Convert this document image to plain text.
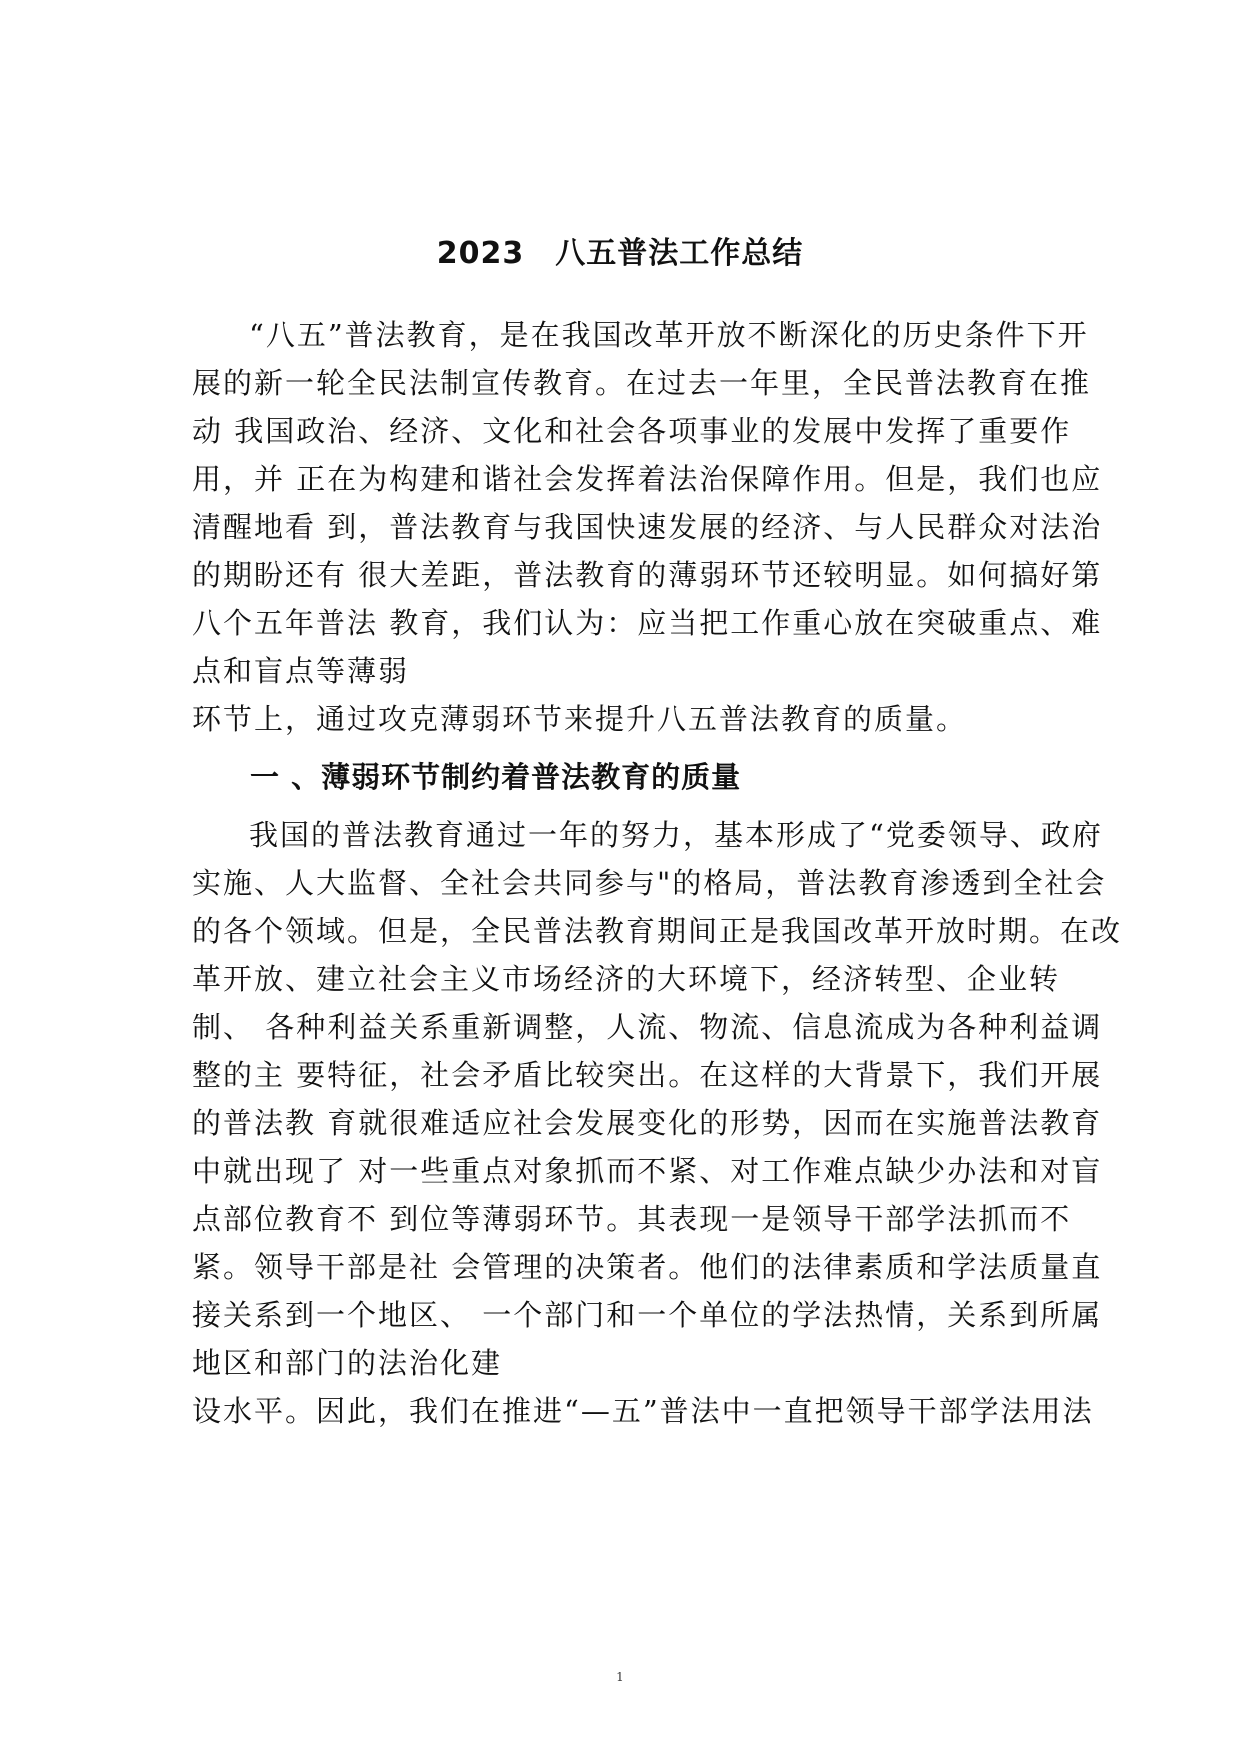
2023　八五普法工作总结
“八五”普法教育，是在我国改革开放不断深化的历史条件下开
展的新一轮全民法制宣传教育。在过去一年里，全民普法教育在推
动 我国政治、经济、文化和社会各项事业的发展中发挥了重要作
用，并 正在为构建和谐社会发挥着法治保障作用。但是，我们也应
清醒地看 到，普法教育与我国快速发展的经济、与人民群众对法治
的期盼还有 很大差距，普法教育的薄弱环节还较明显。如何搞好第
八个五年普法 教育，我们认为：应当把工作重心放在突破重点、难
点和盲点等薄弱
环节上，通过攻克薄弱环节来提升八五普法教育的质量。
一 、薄弱环节制约着普法教育的质量
我国的普法教育通过一年的努力，基本形成了“党委领导、政府
实施、人大监督、全社会共同参与"的格局，普法教育渗透到全社会
的各个领域。但是，全民普法教育期间正是我国改革开放时期。在改
革开放、建立社会主义市场经济的大环境下，经济转型、企业转
制、 各种利益关系重新调整，人流、物流、信息流成为各种利益调
整的主 要特征，社会矛盾比较突出。在这样的大背景下，我们开展
的普法教 育就很难适应社会发展变化的形势，因而在实施普法教育
中就出现了 对一些重点对象抓而不紧、对工作难点缺少办法和对盲
点部位教育不 到位等薄弱环节。其表现一是领导干部学法抓而不
紧。领导干部是社 会管理的决策者。他们的法律素质和学法质量直
接关系到一个地区、 一个部门和一个单位的学法热情，关系到所属
地区和部门的法治化建
设水平。因此，我们在推进“—五”普法中一直把领导干部学法用法
1
